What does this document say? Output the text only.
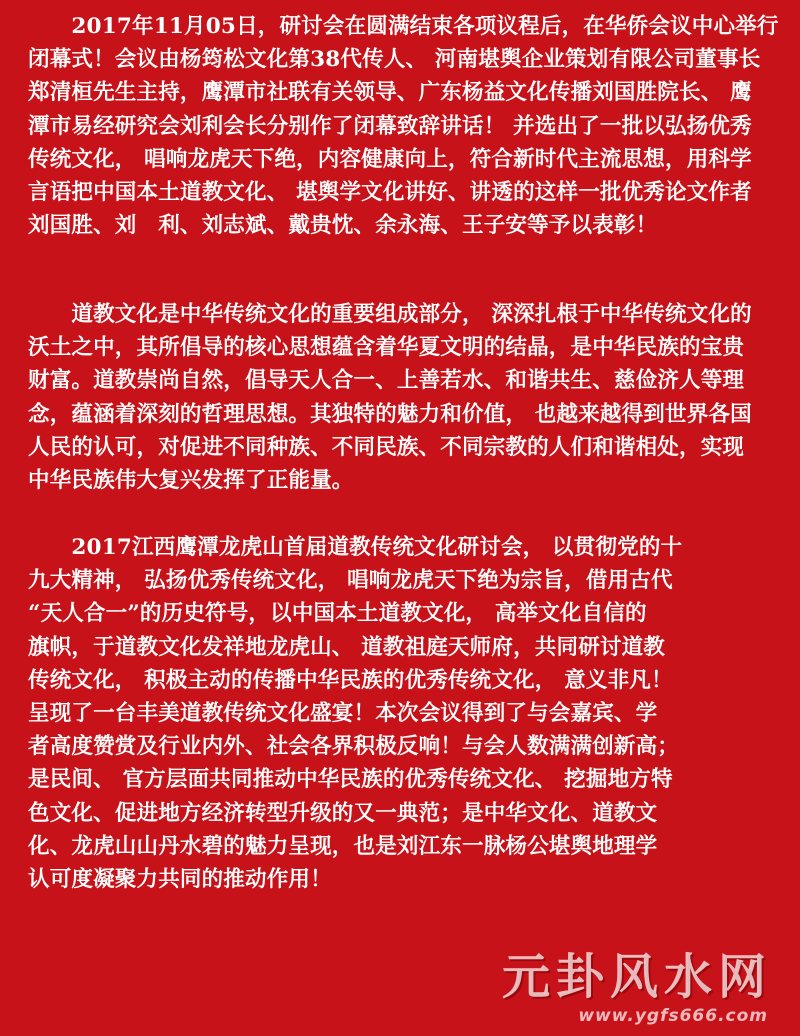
　　2017年11月05日，研讨会在圆满结束各项议程后，在华侨会议中心举行
闭幕式！会议由杨筠松文化第38代传人、 河南堪舆企业策划有限公司董事长
郑清桓先生主持，鹰潭市社联有关领导、广东杨益文化传播刘国胜院长、 鹰
潭市易经研究会刘利会长分别作了闭幕致辞讲话！ 并选出了一批以弘扬优秀
传统文化， 唱响龙虎天下绝，内容健康向上，符合新时代主流思想，用科学
言语把中国本土道教文化、 堪舆学文化讲好、讲透的这样一批优秀论文作者
刘国胜、刘　利、刘志斌、戴贵忱、余永海、王子安等予以表彰！
　　道教文化是中华传统文化的重要组成部分， 深深扎根于中华传统文化的
沃土之中，其所倡导的核心思想蕴含着华夏文明的结晶，是中华民族的宝贵
财富。道教崇尚自然，倡导天人合一、上善若水、和谐共生、慈俭济人等理
念，蕴涵着深刻的哲理思想。其独特的魅力和价值， 也越来越得到世界各国
人民的认可，对促进不同种族、不同民族、不同宗教的人们和谐相处，实现
中华民族伟大复兴发挥了正能量。
　　2017江西鹰潭龙虎山首届道教传统文化研讨会， 以贯彻党的十
九大精神， 弘扬优秀传统文化， 唱响龙虎天下绝为宗旨，借用古代
“天人合一”的历史符号，以中国本土道教文化， 高举文化自信的
旗帜，于道教文化发祥地龙虎山、 道教祖庭天师府，共同研讨道教
传统文化， 积极主动的传播中华民族的优秀传统文化， 意义非凡！
呈现了一台丰美道教传统文化盛宴！本次会议得到了与会嘉宾、学
者高度赞赏及行业内外、社会各界积极反响！与会人数满满创新高；
是民间、 官方层面共同推动中华民族的优秀传统文化、 挖掘地方特
色文化、促进地方经济转型升级的又一典范；是中华文化、道教文
化、龙虎山山丹水碧的魅力呈现，也是刘江东一脉杨公堪舆地理学
认可度凝聚力共同的推动作用！
元卦风水网
www.ygfs666.com
